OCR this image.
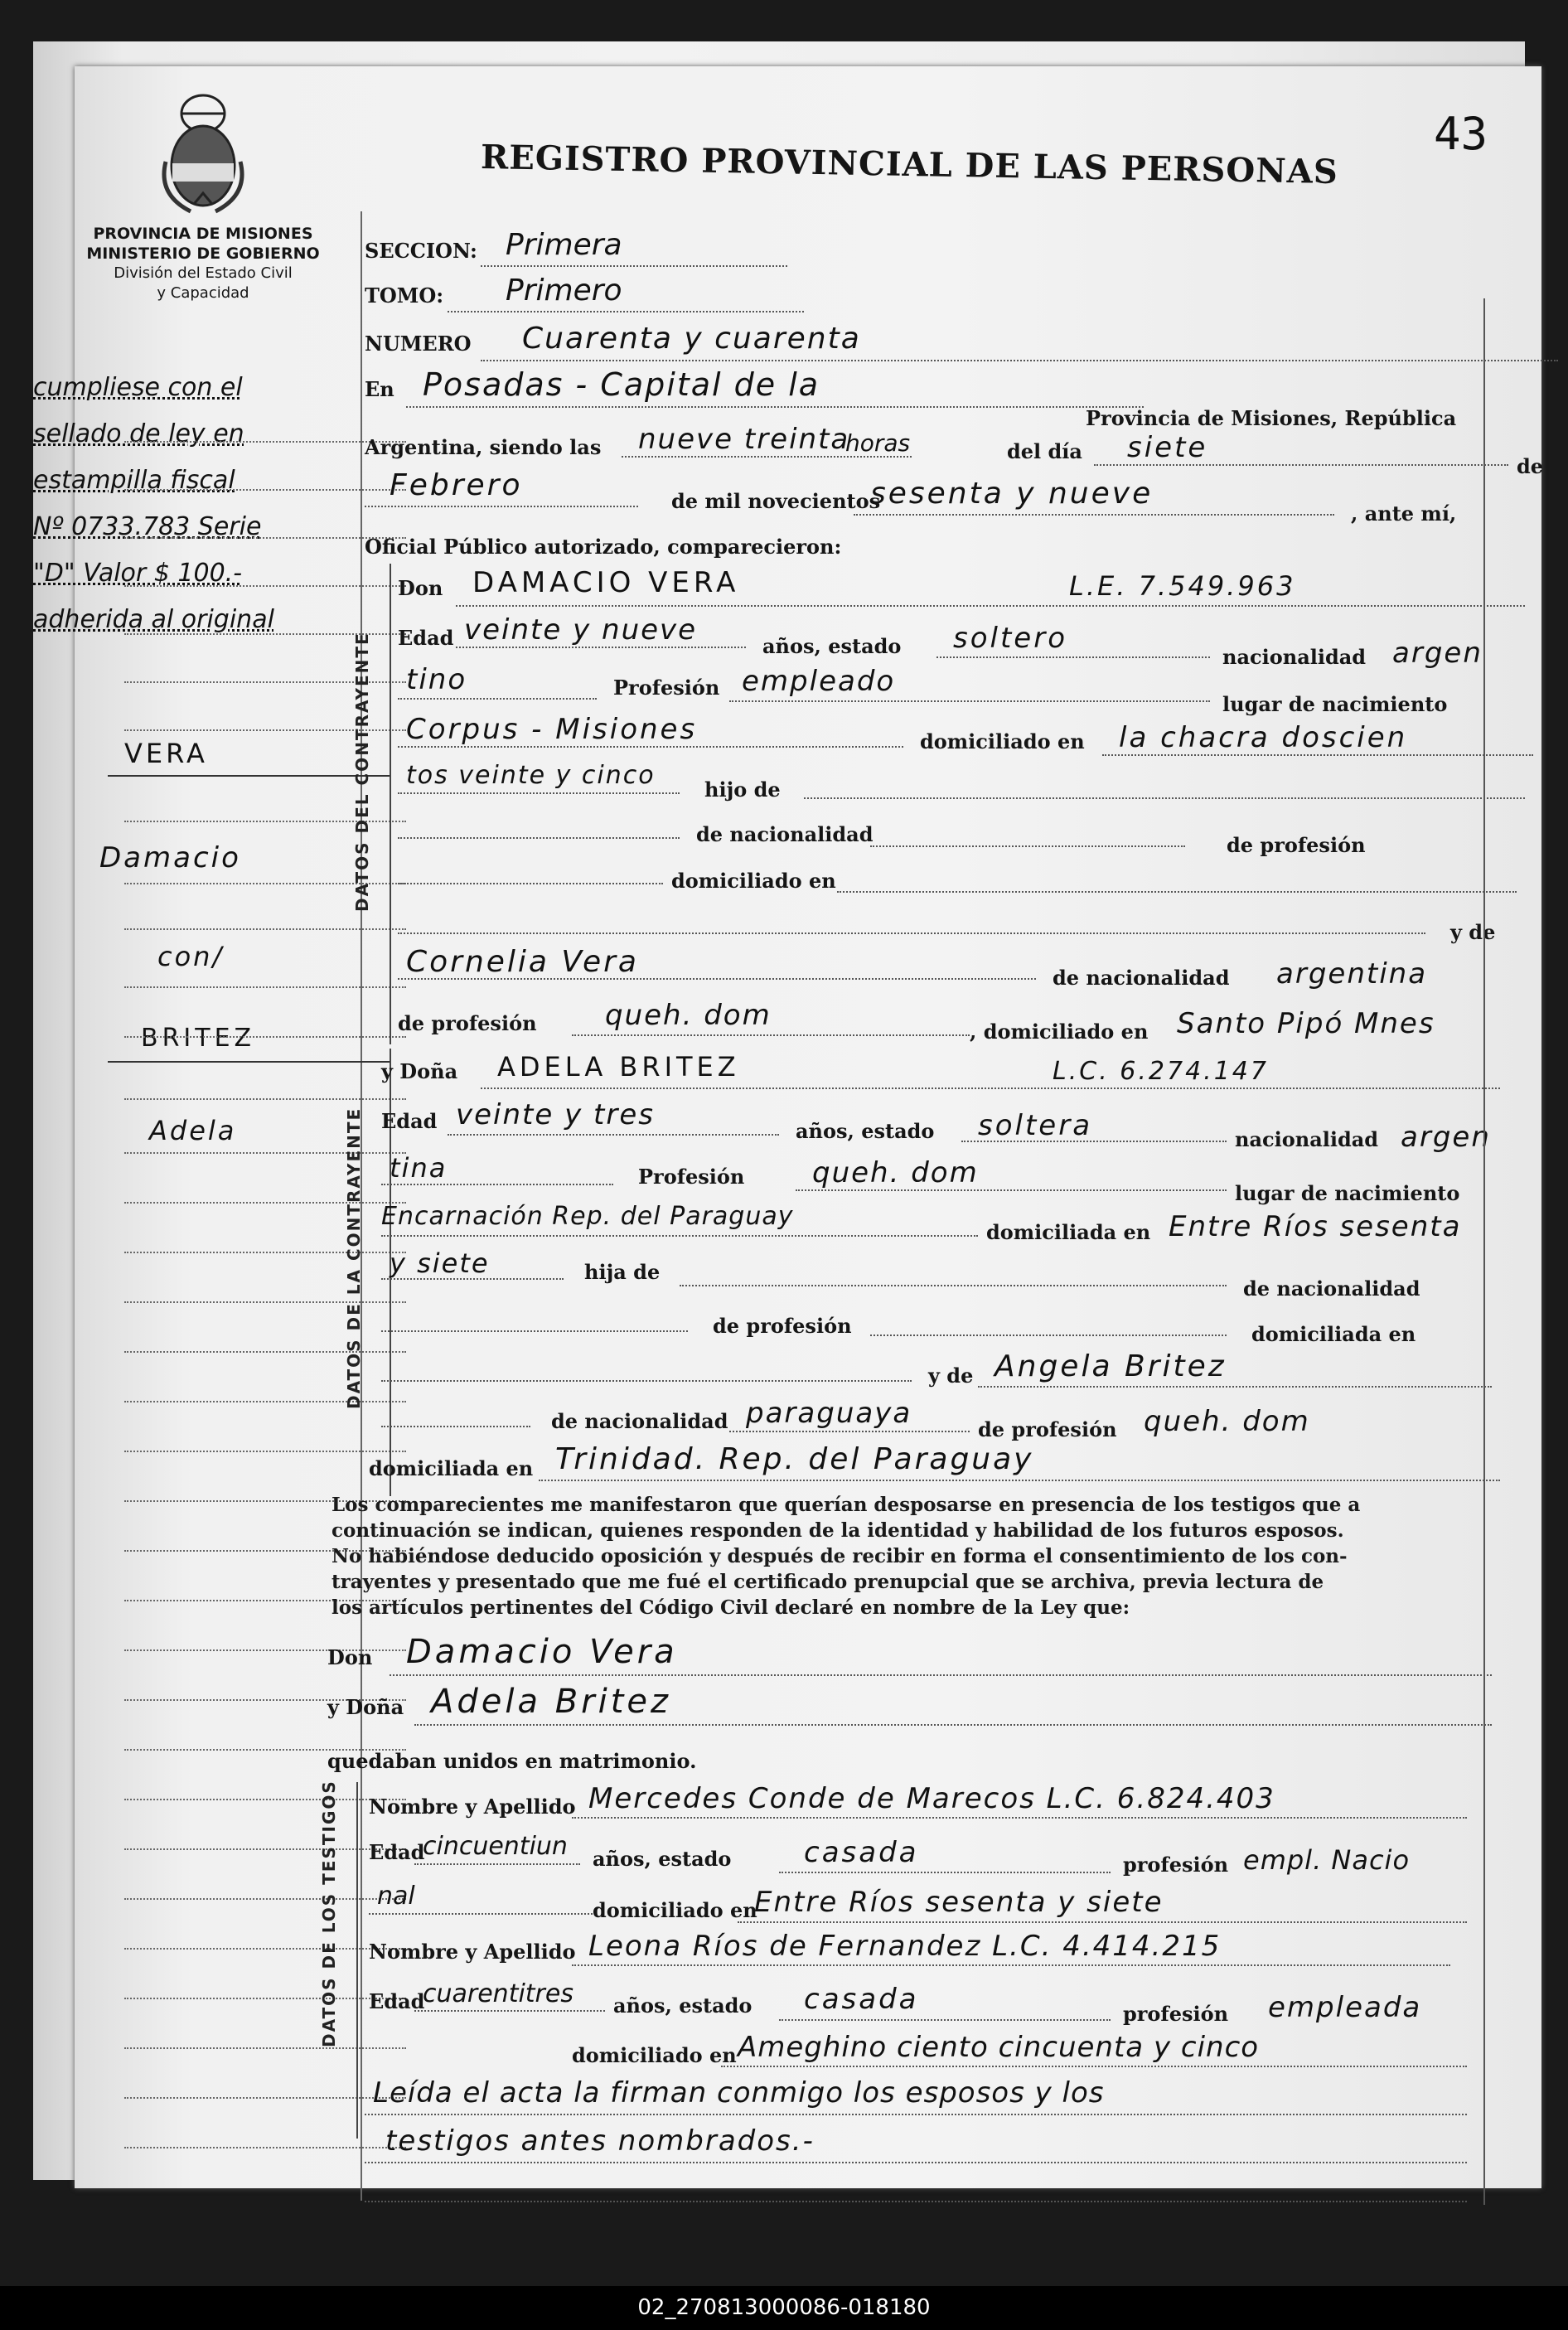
43
PROVINCIA DE MISIONES
MINISTERIO DE GOBIERNO
División del Estado Civil
y Capacidad
REGISTRO PROVINCIAL DE LAS PERSONAS
cumpliese con el
sellado de ley en
estampilla fiscal
Nº 0733.783 Serie
"D" Valor $ 100.-
adherida al original
VERA
Damacio
con/
BRITEZ
Adela
SECCION: Primera
TOMO: Primero
NUMERO Cuarenta y cuarenta
En Posadas - Capital de la
Provincia de Misiones, República
Argentina, siendo las nueve treinta
horas	del día siete
de
Febrero	de mil novecientos
sesenta y nueve
, ante mí,
Oficial Público autorizado, comparecieron:
DATOS DEL CONTRAYENTE
Don DAMACIO VERA	L.E. 7.549.963
Edad veinte y nueve	años, estado soltero
nacionalidad argen
tino	Profesión empleado
lugar de nacimiento
Corpus - Misiones	domiciliado en la chacra doscien
tos veinte y cinco hijo de
de nacionalidad	de profesión
domiciliado en
y de
Cornelia Vera	de nacionalidad argentina
de profesión queh. dom	, domiciliado en Santo Pipó Mnes
DATOS DE LA CONTRAYENTE
y Doña ADELA BRITEZ	L.C. 6.274.147
Edad veinte y tres	años, estado soltera	nacionalidad argen
tina	Profesión queh. dom
lugar de nacimiento
Encarnación Rep. del Paraguay
domiciliada en Entre Ríos sesenta
y siete	hija de
de nacionalidad
de profesión	domiciliada en
y de Angela Britez
de nacionalidad paraguaya	de profesión queh. dom
domiciliada en Trinidad. Rep. del Paraguay
Los comparecientes me manifestaron que querían desposarse en presencia de los testigos que a
continuación se indican, quienes responden de la identidad y habilidad de los futuros esposos.
No habiéndose deducido oposición y después de recibir en forma el consentimiento de los con-
trayentes y presentado que me fué el certificado prenupcial que se archiva, previa lectura de
los artículos pertinentes del Código Civil declaré en nombre de la Ley que:
Don Damacio Vera
y Doña Adela Britez
quedaban unidos en matrimonio.
DATOS DE LOS TESTIGOS Nombre y Apellido Mercedes Conde de Marecos L.C. 6.824.403
Edad
cincuentiun años, estado	casada	profesión empl. Nacio
nal	domiciliado en
Entre Ríos sesenta y siete
Nombre y Apellido Leona Ríos de Fernandez L.C. 4.414.215
Edad
cuarentitres años, estado casada	profesión empleada
domiciliado en Ameghino ciento cincuenta y cinco
Leída el acta la firman conmigo los esposos y los
testigos antes nombrados.-
02_270813000086-018180
